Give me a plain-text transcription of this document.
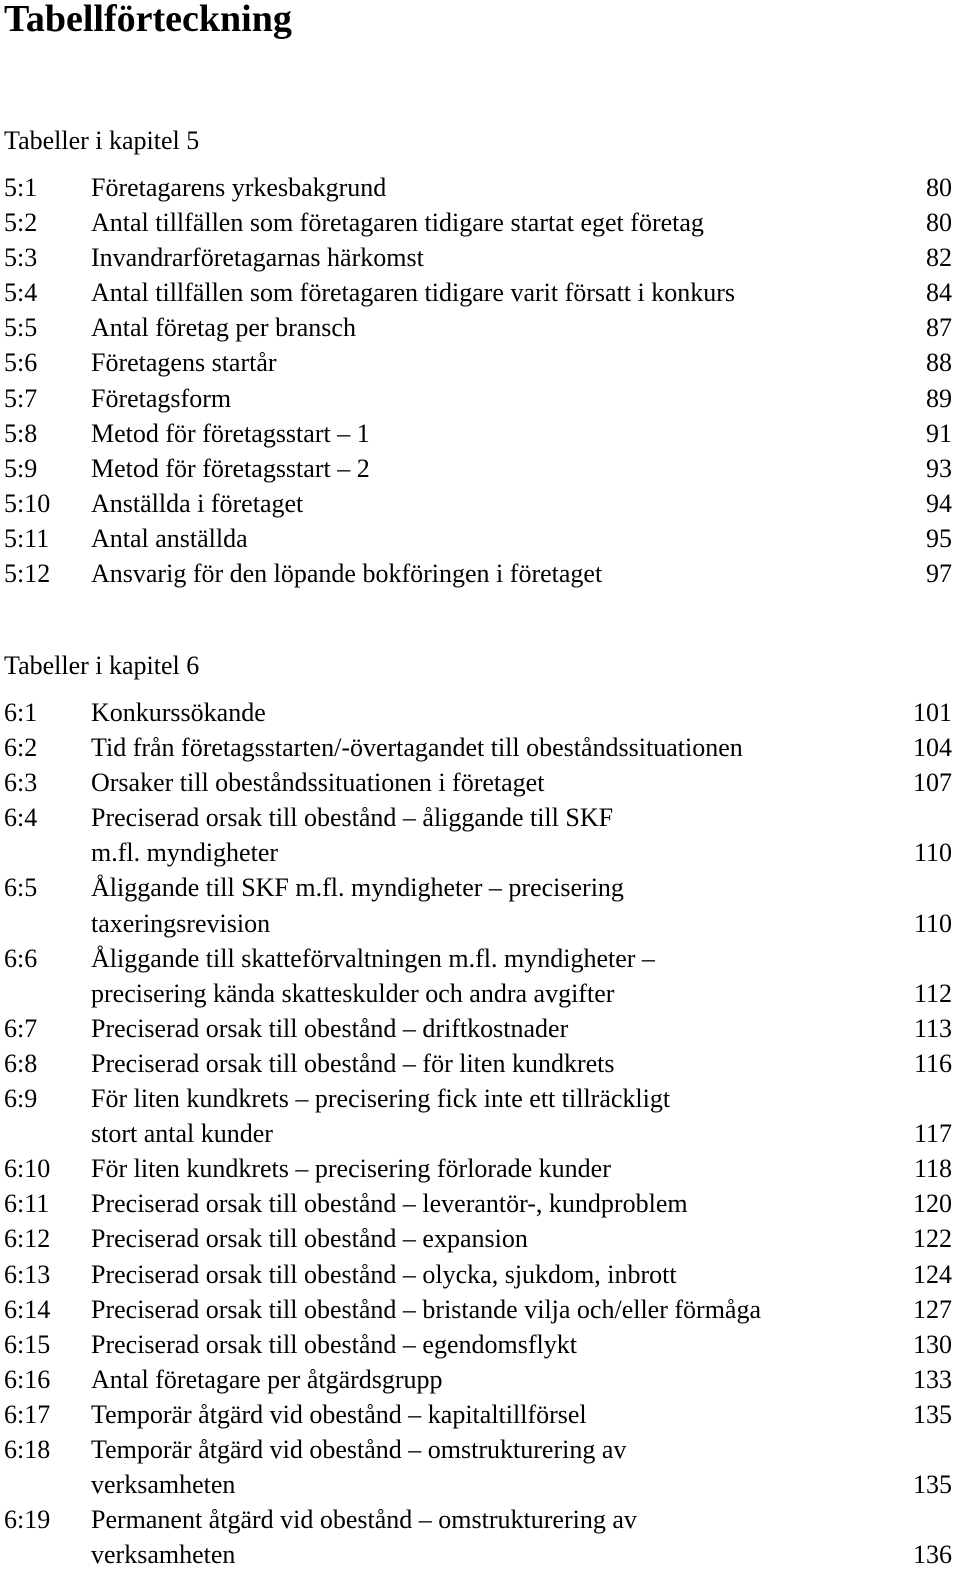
Tabellförteckning
Tabeller i kapitel 5
5:1 Företagarens yrkesbakgrund	80
5:2 Antal tillfällen som företagaren tidigare startat eget företag	80
5:3 Invandrarföretagarnas härkomst	82
5:4 Antal tillfällen som företagaren tidigare varit försatt i konkurs	84
5:5 Antal företag per bransch	87
5:6 Företagens startår	88
5:7 Företagsform	89
5:8 Metod för företagsstart – 1	91
5:9 Metod för företagsstart – 2	93
5:10 Anställda i företaget	94
5:11 Antal anställda	95
5:12 Ansvarig för den löpande bokföringen i företaget	97
Tabeller i kapitel 6
6:1 Konkurssökande	101
6:2 Tid från företagsstarten/-övertagandet till obeståndssituationen	104
6:3 Orsaker till obeståndssituationen i företaget	107
6:4 Preciserad orsak till obestånd – åliggande till SKF
m.fl. myndigheter	110
6:5 Åliggande till SKF m.fl. myndigheter – precisering
taxeringsrevision	110
6:6 Åliggande till skatteförvaltningen m.fl. myndigheter –
precisering kända skatteskulder och andra avgifter	112
6:7 Preciserad orsak till obestånd – driftkostnader	113
6:8 Preciserad orsak till obestånd – för liten kundkrets	116
6:9 För liten kundkrets – precisering fick inte ett tillräckligt
stort antal kunder	117
6:10 För liten kundkrets – precisering förlorade kunder	118
6:11 Preciserad orsak till obestånd – leverantör-, kundproblem	120
6:12 Preciserad orsak till obestånd – expansion	122
6:13 Preciserad orsak till obestånd – olycka, sjukdom, inbrott	124
6:14 Preciserad orsak till obestånd – bristande vilja och/eller förmåga	127
6:15 Preciserad orsak till obestånd – egendomsflykt	130
6:16 Antal företagare per åtgärdsgrupp	133
6:17 Temporär åtgärd vid obestånd – kapitaltillförsel	135
6:18 Temporär åtgärd vid obestånd – omstrukturering av
verksamheten	135
6:19 Permanent åtgärd vid obestånd – omstrukturering av
verksamheten	136
